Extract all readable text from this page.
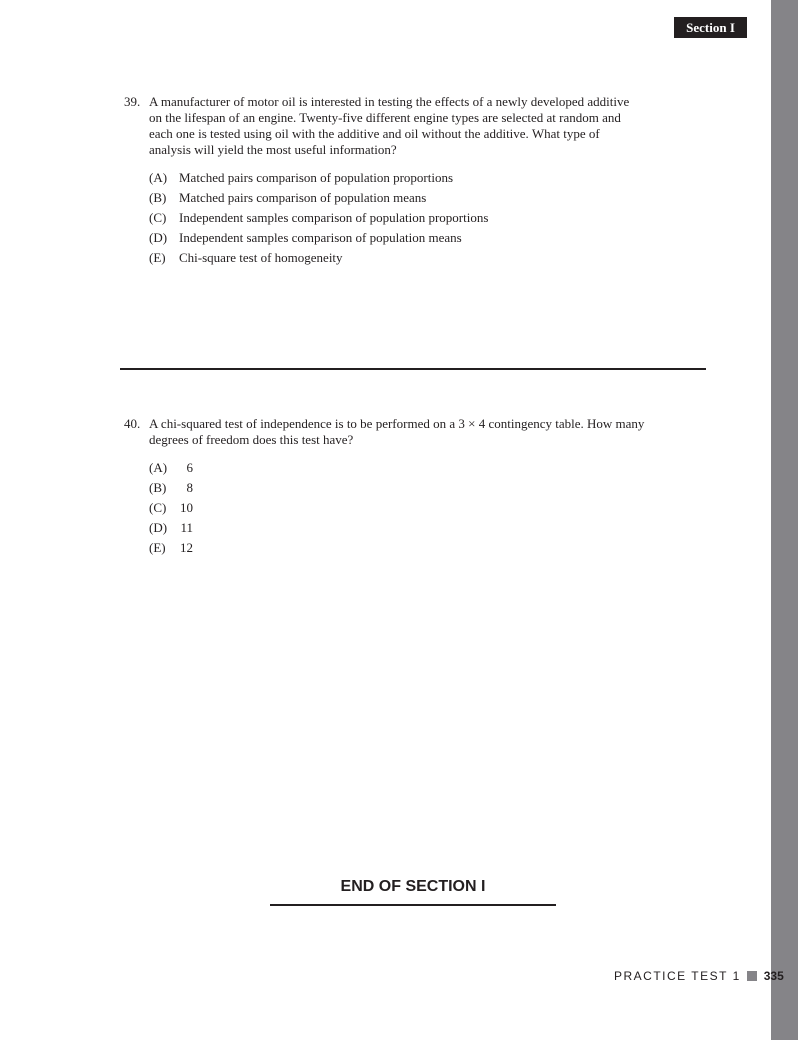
Section I
39. A manufacturer of motor oil is interested in testing the effects of a newly developed additive
on the lifespan of an engine. Twenty-five different engine types are selected at random and
each one is tested using oil with the additive and oil without the additive. What type of
analysis will yield the most useful information?
(A) Matched pairs comparison of population proportions
(B) Matched pairs comparison of population means
(C) Independent samples comparison of population proportions
(D) Independent samples comparison of population means
(E)	Chi-square test of homogeneity
40. A chi-squared test of independence is to be performed on a 3 × 4 contingency table. How many
degrees of freedom does this test have?
(A)	6
(B)	8
(C)	10
(D)	11
(E)	12
END OF SECTION I
PRACTICE TEST 1 335
